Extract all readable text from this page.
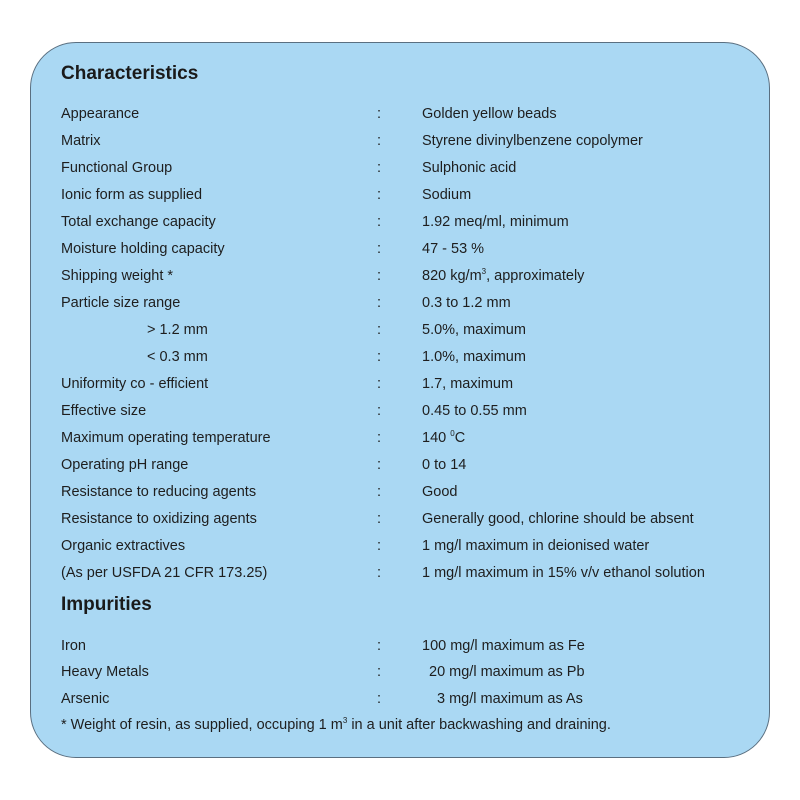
Characteristics
Appearance	:	Golden yellow beads
Matrix	:	Styrene divinylbenzene copolymer
Functional Group	:	Sulphonic acid
Ionic form as supplied	:	Sodium
Total exchange capacity	:	1.92 meq/ml, minimum
Moisture holding capacity	:	47 - 53 %
Shipping weight *	:	820 $kg/m^3$, approximately
Particle size range	:	0.3 to 1.2 mm
> 1.2 mm	:	5.0%, maximum
< 0.3 mm	:	1.0%, maximum
Uniformity co - efficient	:	1.7, maximum
Effective size	:	0.45 to 0.55 mm
Maximum operating temperature	:	140 $^0$C
Operating pH range	:	0 to 14
Resistance to reducing agents	:	Good
Resistance to oxidizing agents	:	Generally good, chlorine should be absent
Organic extractives	:	1 mg/l maximum in deionised water
(As per USFDA 21 CFR 173.25)	:	1 mg/l maximum in 15% v/v ethanol solution
Impurities
Iron	:	100 mg/l maximum as Fe
Heavy Metals	:	20 mg/l maximum as Pb
Arsenic	:	3 mg/l maximum as As
* Weight of resin, as supplied, occuping 1 $m^3$ in a unit after backwashing and draining.
